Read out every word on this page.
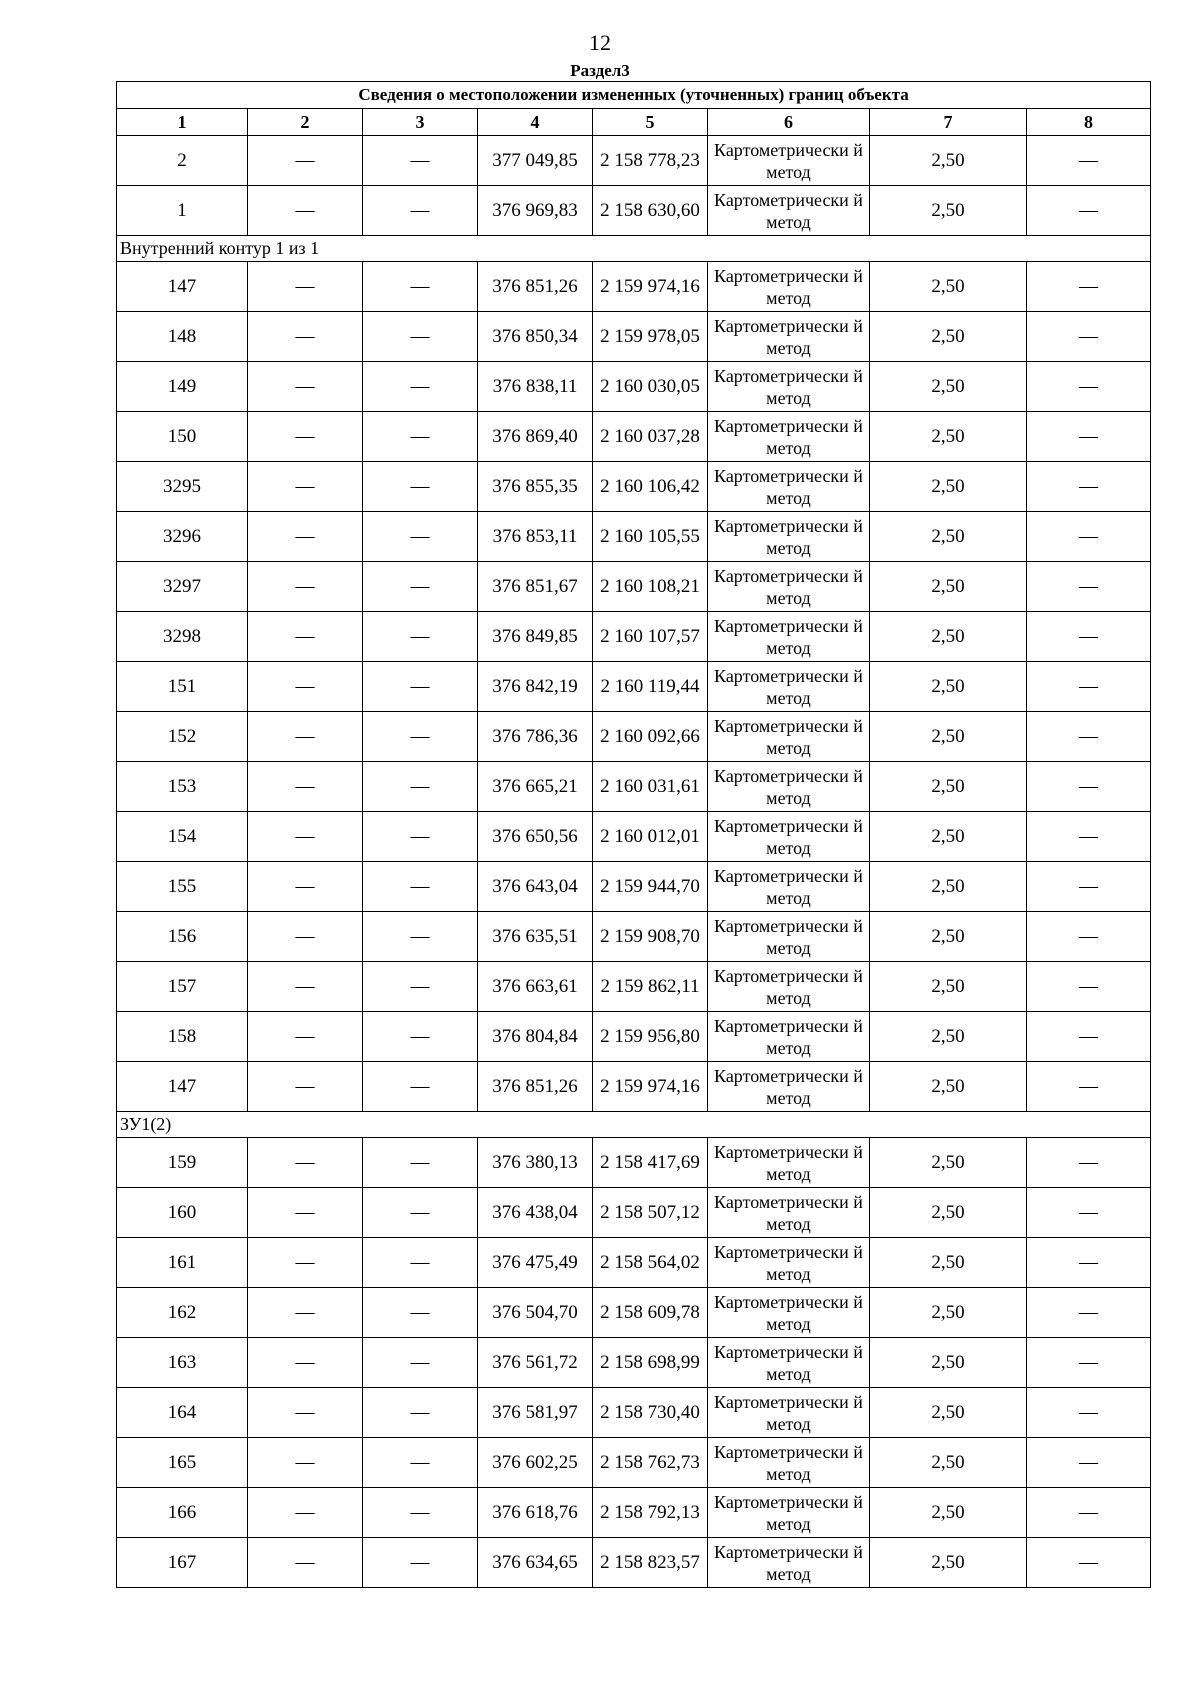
12
Раздел3
Сведения о местоположении измененных (уточненных) границ объекта							
1	2	3	4	5	6	7	8
2	—	—	377 049,85	2 158 778,23	Картометрически й метод	2,50	—
1	—	—	376 969,83	2 158 630,60	Картометрически й метод	2,50	—
Внутренний контур 1 из 1							
147	—	—	376 851,26	2 159 974,16	Картометрически й метод	2,50	—
148	—	—	376 850,34	2 159 978,05	Картометрически й метод	2,50	—
149	—	—	376 838,11	2 160 030,05	Картометрически й метод	2,50	—
150	—	—	376 869,40	2 160 037,28	Картометрически й метод	2,50	—
3295	—	—	376 855,35	2 160 106,42	Картометрически й метод	2,50	—
3296	—	—	376 853,11	2 160 105,55	Картометрически й метод	2,50	—
3297	—	—	376 851,67	2 160 108,21	Картометрически й метод	2,50	—
3298	—	—	376 849,85	2 160 107,57	Картометрически й метод	2,50	—
151	—	—	376 842,19	2 160 119,44	Картометрически й метод	2,50	—
152	—	—	376 786,36	2 160 092,66	Картометрически й метод	2,50	—
153	—	—	376 665,21	2 160 031,61	Картометрически й метод	2,50	—
154	—	—	376 650,56	2 160 012,01	Картометрически й метод	2,50	—
155	—	—	376 643,04	2 159 944,70	Картометрически й метод	2,50	—
156	—	—	376 635,51	2 159 908,70	Картометрически й метод	2,50	—
157	—	—	376 663,61	2 159 862,11	Картометрически й метод	2,50	—
158	—	—	376 804,84	2 159 956,80	Картометрически й метод	2,50	—
147	—	—	376 851,26	2 159 974,16	Картометрически й метод	2,50	—
ЗУ1(2)							
159	—	—	376 380,13	2 158 417,69	Картометрически й метод	2,50	—
160	—	—	376 438,04	2 158 507,12	Картометрически й метод	2,50	—
161	—	—	376 475,49	2 158 564,02	Картометрически й метод	2,50	—
162	—	—	376 504,70	2 158 609,78	Картометрически й метод	2,50	—
163	—	—	376 561,72	2 158 698,99	Картометрически й метод	2,50	—
164	—	—	376 581,97	2 158 730,40	Картометрически й метод	2,50	—
165	—	—	376 602,25	2 158 762,73	Картометрически й метод	2,50	—
166	—	—	376 618,76	2 158 792,13	Картометрически й метод	2,50	—
167	—	—	376 634,65	2 158 823,57	Картометрически й метод	2,50	—
